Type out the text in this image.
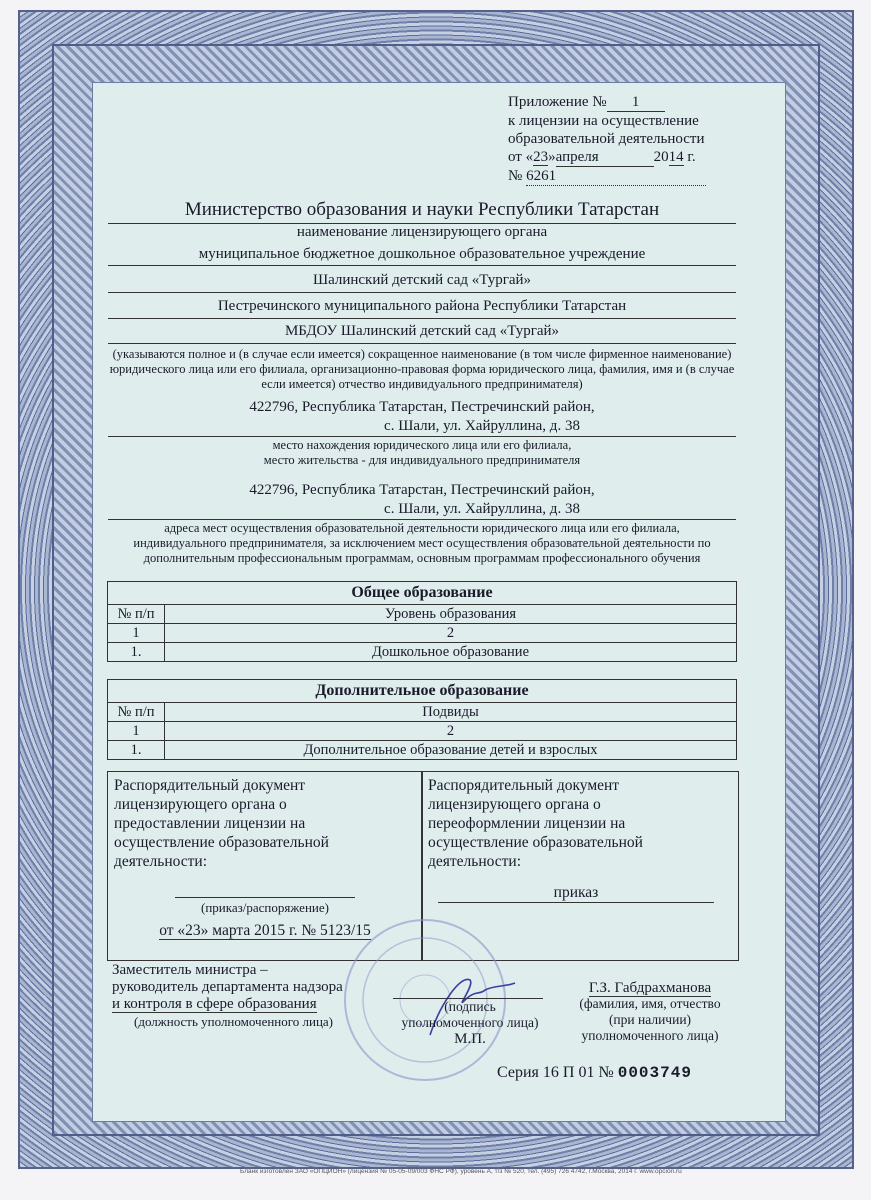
Приложение № 1
к лицензии на осуществление
образовательной деятельности
от «23»апреля	2014 г.
№ 6261
Министерство образования и науки Республики Татарстан
наименование лицензирующего органа
муниципальное бюджетное дошкольное образовательное учреждение
Шалинский детский сад «Тургай»
Пестречинского муниципального района Республики Татарстан
МБДОУ Шалинский детский сад «Тургай»
(указываются полное и (в случае если имеется) сокращенное наименование (в том числе фирменное наименование) юридического лица или его филиала, организационно-правовая форма юридического лица, фамилия, имя и (в случае если имеется) отчество индивидуального предпринимателя)
422796, Республика Татарстан, Пестречинский район,
с. Шали, ул. Хайруллина, д. 38
место нахождения юридического лица или его филиала,
место жительства - для индивидуального предпринимателя
422796, Республика Татарстан, Пестречинский район,
с. Шали, ул. Хайруллина, д. 38
адреса мест осуществления образовательной деятельности юридического лица или его филиала, индивидуального предпринимателя, за исключением мест осуществления образовательной деятельности по дополнительным профессиональным программам, основным программам профессионального обучения
Общее образование	
№ п/п	Уровень образования
1	2
1.	Дошкольное образование
Дополнительное образование	
№ п/п	Подвиды
1	2
1.	Дополнительное образование детей и взрослых
Распорядительный документ лицензирующего органа о предоставлении лицензии на осуществление образовательной деятельности:
(приказ/распоряжение)
от «23» марта 2015 г. № 5123/15
Распорядительный документ лицензирующего органа о переоформлении лицензии на осуществление образовательной деятельности:
приказ
Заместитель министра –
руководитель департамента надзора
и контроля в сфере образования
(должность уполномоченного лица)
(подпись
уполномоченного лица)
М.П.
Г.З. Габдрахманова
(фамилия, имя, отчество
(при наличии)
уполномоченного лица)
Серия 16 П 01 № 0003749
Бланк изготовлен ЗАО «ОПЦИОН» (лицензия № 05-05-09/003 ФНС РФ), уровень А, т/з № 520, тел. (495) 726 4742, г.Москва, 2014 г. www.opcion.ru
